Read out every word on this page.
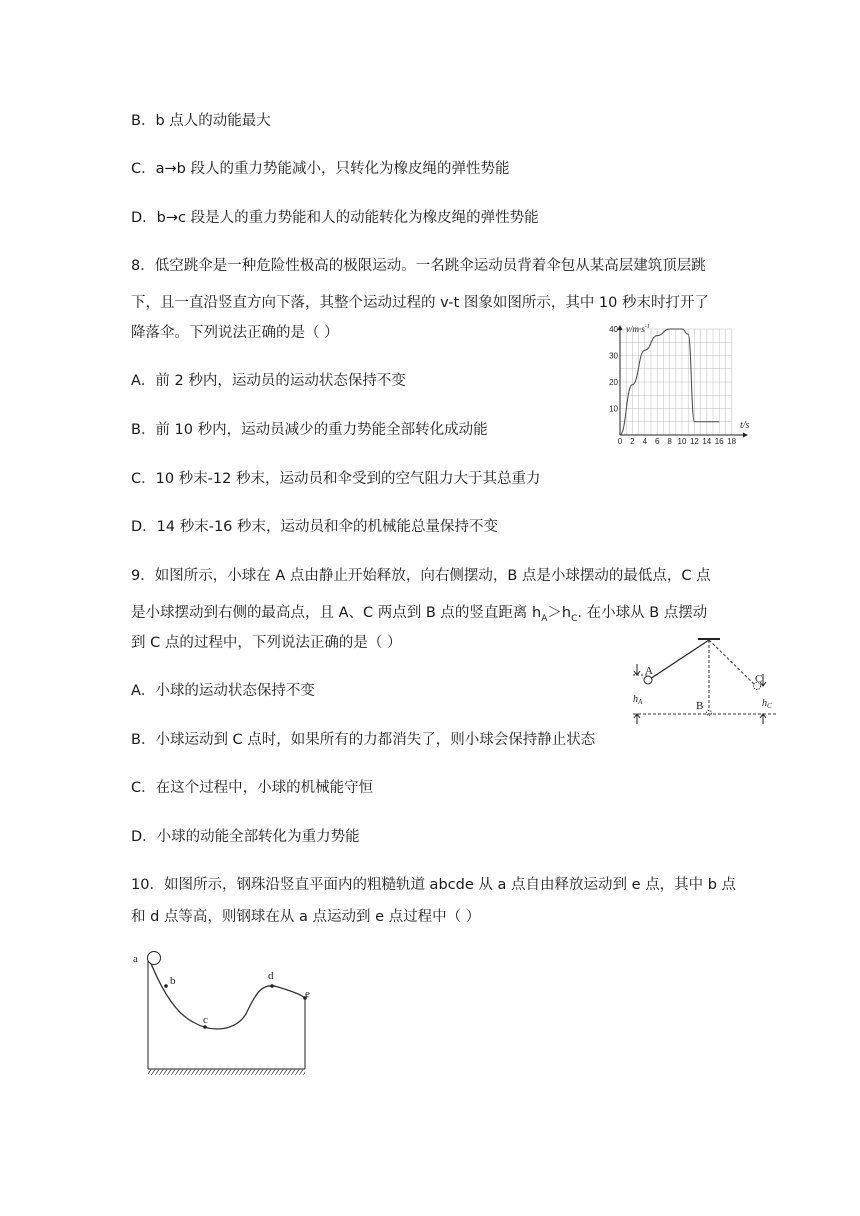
B．b 点人的动能最大
C．a→b 段人的重力势能减小，只转化为橡皮绳的弹性势能
D．b→c 段是人的重力势能和人的动能转化为橡皮绳的弹性势能
8．低空跳伞是一种危险性极高的极限运动。一名跳伞运动员背着伞包从某高层建筑顶层跳
下，且一直沿竖直方向下落，其整个运动过程的 v-t 图象如图所示，其中 10 秒末时打开了
降落伞。下列说法正确的是（ ）
A．前 2 秒内，运动员的运动状态保持不变
B．前 10 秒内，运动员减少的重力势能全部转化成动能
C．10 秒末-12 秒末，运动员和伞受到的空气阻力大于其总重力
D．14 秒末-16 秒末，运动员和伞的机械能总量保持不变
40
30
20
10
0 2 4 6 8 10 12 14 16 18
$v/m\cdot s^{-1}$
t/s
9．如图所示，小球在 A 点由静止开始释放，向右侧摆动，B 点是小球摆动的最低点，C 点
是小球摆动到右侧的最高点，且 A、C 两点到 B 点的竖直距离 $h_A>h_C$. 在小球从 B 点摆动
到 C 点的过程中，下列说法正确的是（ ）
A．小球的运动状态保持不变
B．小球运动到 C 点时，如果所有的力都消失了，则小球会保持静止状态
C．在这个过程中，小球的机械能守恒
D．小球的动能全部转化为重力势能
A
B
C
$h_A$	$h_C$
10．如图所示，钢珠沿竖直平面内的粗糙轨道 abcde 从 a 点自由释放运动到 e 点，其中 b 点
和 d 点等高，则钢球在从 a 点运动到 e 点过程中（ ）
a
b
c
d
e
